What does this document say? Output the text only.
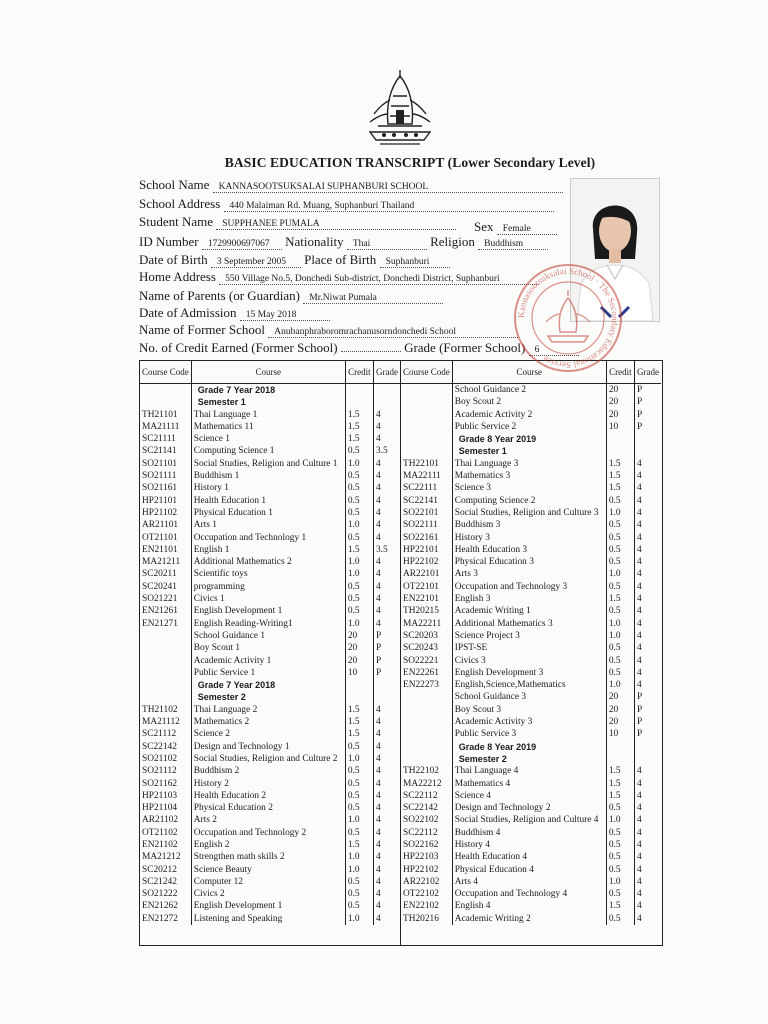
BASIC EDUCATION TRANSCRIPT (Lower Secondary Level)
School Name KANNASOOTSUKSALAI SUPHANBURI SCHOOL
School Address 440 Malaiman Rd. Muang, Suphanburi Thailand
Student Name SUPPHANEE PUMALA	Sex Female
ID Number 1729900697067 Nationality Thai	Religion Buddhism
Date of Birth 3 September 2005 Place of Birth Suphanburi
Home Address 550 Village No.5, Donchedi Sub-district, Donchedi District, Suphanburi
Name of Parents (or Guardian) Mr.Niwat Pumala
Date of Admission 15 May 2018
Name of Former School Anubanphraboromrachanusorndonchedi School
No. of Credit Earned (Former School)	Grade (Former School) 6
Course Code	Course	Credit	Grade
	Grade 7 Year 2018		
	Semester 1		
TH21101	Thai Language 1	1.5	4
MA21111	Mathematics 11	1.5	4
SC21111	Science 1	1.5	4
SC21141	Computing Science 1	0.5	3.5
SO21101	Social Studies, Religion and Culture 1	1.0	4
SO21111	Buddhism 1	0.5	4
SO21161	History 1	0.5	4
HP21101	Health Education 1	0.5	4
HP21102	Physical Education 1	0.5	4
AR21101	Arts 1	1.0	4
OT21101	Occupation and Technology 1	0.5	4
EN21101	English 1	1.5	3.5
MA21211	Additional Mathematics 2	1.0	4
SC20211	Scientific toys	1.0	4
SC20241	programming	0.5	4
SO21221	Civics 1	0.5	4
EN21261	English Development 1	0.5	4
EN21271	English Reading-Writing1	1.0	4
	School Guidance 1	20	P
	Boy Scout 1	20	P
	Academic Activity 1	20	P
	Public Service 1	10	P
	Grade 7 Year 2018		
	Semester 2		
TH21102	Thai Language 2	1.5	4
MA21112	Mathematics 2	1.5	4
SC21112	Science 2	1.5	4
SC22142	Design and Technology 1	0.5	4
SO21102	Social Studies, Religion and Culture 2	1.0	4
SO21112	Buddhism 2	0.5	4
SO21162	History 2	0.5	4
HP21103	Health Education 2	0.5	4
HP21104	Physical Education 2	0.5	4
AR21102	Arts 2	1.0	4
OT21102	Occupation and Technology 2	0.5	4
EN21102	English 2	1.5	4
MA21212	Strengthen math skills 2	1.0	4
SC20212	Science Beauty	1.0	4
SC21242	Computer 12	0.5	4
SO21222	Civics 2	0.5	4
EN21262	English Development 1	0.5	4
EN21272	Listening and Speaking	1.0	4
Course Code	Course	Credit	Grade
	School Guidance 2	20	P
	Boy Scout 2	20	P
	Academic Activity 2	20	P
	Public Service 2	10	P
	Grade 8 Year 2019		
	Semester 1		
TH22101	Thai Language 3	1.5	4
MA22111	Mathematics 3	1.5	4
SC22111	Science 3	1.5	4
SC22141	Computing Science 2	0.5	4
SO22101	Social Studies, Religion and Culture 3	1.0	4
SO22111	Buddhism 3	0.5	4
SO22161	History 3	0.5	4
HP22101	Health Education 3	0.5	4
HP22102	Physical Education 3	0.5	4
AR22101	Arts 3	1.0	4
OT22101	Occupation and Technology 3	0.5	4
EN22101	English 3	1.5	4
TH20215	Academic Writing 1	0.5	4
MA22211	Additional Mathematics 3	1.0	4
SC20203	Science Project 3	1.0	4
SC20243	IPST-SE	0.5	4
SO22221	Civics 3	0.5	4
EN22261	English Development 3	0.5	4
EN22273	English,Science,Mathematics	1.0	4
	School Guidance 3	20	P
	Boy Scout 3	20	P
	Academic Activity 3	20	P
	Public Service 3	10	P
	Grade 8 Year 2019		
	Semester 2		
TH22102	Thai Language 4	1.5	4
MA22212	Mathematics 4	1.5	4
SC22112	Science 4	1.5	4
SC22142	Design and Technology 2	0.5	4
SO22102	Social Studies, Religion and Culture 4	1.0	4
SC22112	Buddhism 4	0.5	4
SO22162	History 4	0.5	4
HP22103	Health Education 4	0.5	4
HP22102	Physical Education 4	0.5	4
AR22102	Arts 4	1.0	4
OT22102	Occupation and Technology 4	0.5	4
EN22102	English 4	1.5	4
TH20216	Academic Writing 2	0.5	4
Kannasootsuksalai School · The Secondary Educational Service
